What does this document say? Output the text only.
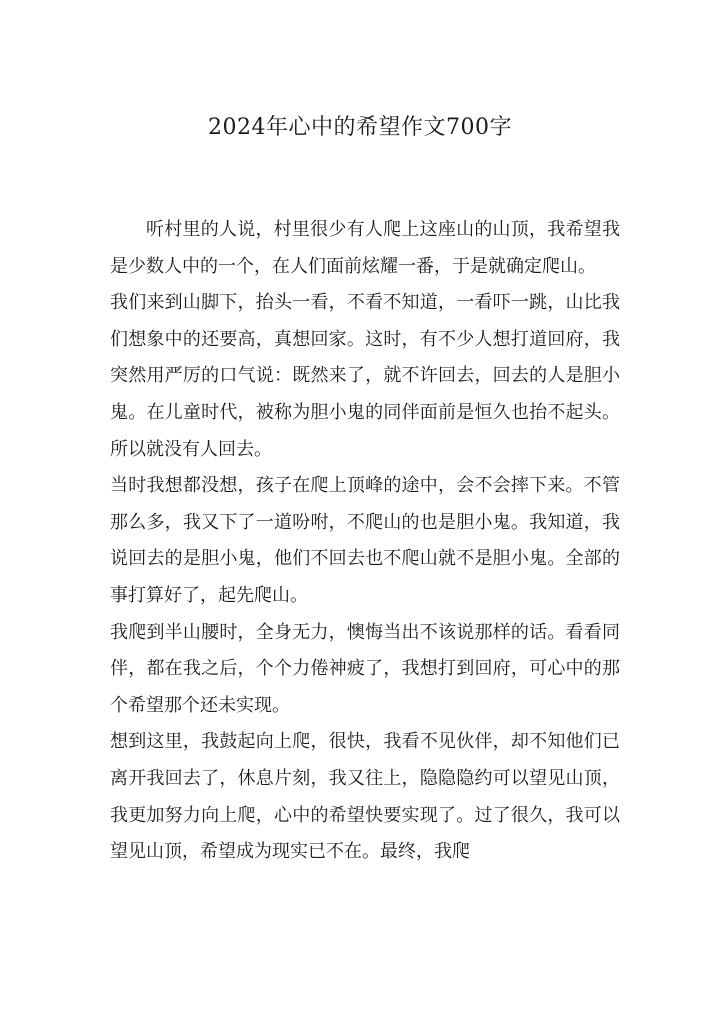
2024年心中的希望作文700字

听村里的人说，村里很少有人爬上这座山的山顶，我希望我是少数人中的一个，在人们面前炫耀一番，于是就确定爬山。

我们来到山脚下，抬头一看，不看不知道，一看吓一跳，山比我们想象中的还要高，真想回家。这时，有不少人想打道回府，我突然用严厉的口气说：既然来了，就不许回去，回去的人是胆小鬼。在儿童时代，被称为胆小鬼的同伴面前是恒久也抬不起头。所以就没有人回去。

当时我想都没想，孩子在爬上顶峰的途中，会不会摔下来。不管那么多，我又下了一道吩咐，不爬山的也是胆小鬼。我知道，我说回去的是胆小鬼，他们不回去也不爬山就不是胆小鬼。全部的事打算好了，起先爬山。

我爬到半山腰时，全身无力，懊悔当出不该说那样的话。看看同伴，都在我之后，个个力倦神疲了，我想打到回府，可心中的那个希望那个还未实现。

想到这里，我鼓起向上爬，很快，我看不见伙伴，却不知他们已离开我回去了，休息片刻，我又往上，隐隐隐约可以望见山顶，我更加努力向上爬，心中的希望快要实现了。过了很久，我可以望见山顶，希望成为现实已不在。最终，我爬
